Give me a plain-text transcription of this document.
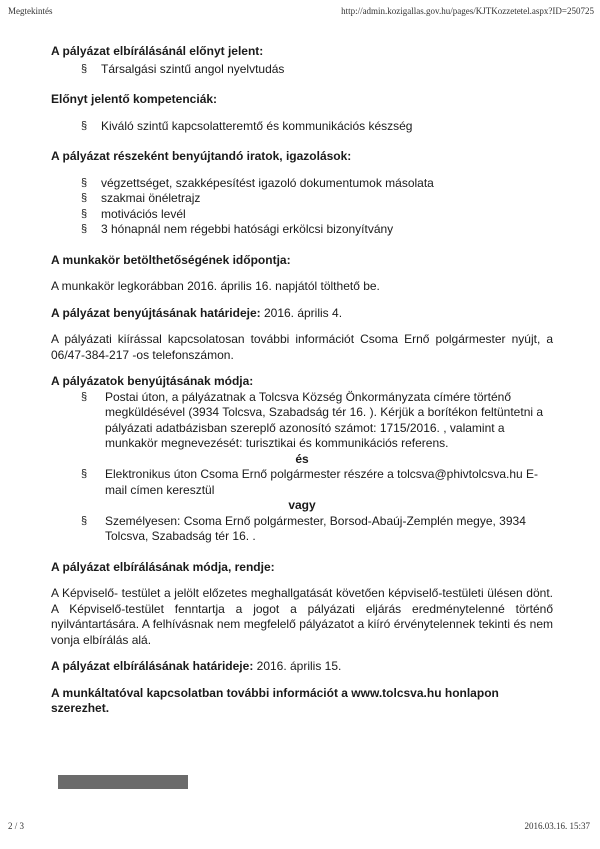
Megtekintés	http://admin.kozigallas.gov.hu/pages/KJTKozzetetel.aspx?ID=250725

A pályázat elbírálásánál előnyt jelent:

§ Társalgási szintű angol nyelvtudás

Előnyt jelentő kompetenciák:

§ Kiváló szintű kapcsolatteremtő és kommunikációs készség

A pályázat részeként benyújtandó iratok, igazolások:

§ végzettséget, szakképesítést igazoló dokumentumok másolata

§ szakmai önéletrajz

§ motivációs levél

§ 3 hónapnál nem régebbi hatósági erkölcsi bizonyítvány

A munkakör betölthetőségének időpontja:

A munkakör legkorábban 2016. április 16. napjától tölthető be.

A pályázat benyújtásának határideje: 2016. április 4.

A pályázati kiírással kapcsolatosan további információt Csoma Ernő polgármester nyújt, a 06/47-384-217 -os telefonszámon.

A pályázatok benyújtásának módja:

§ Postai úton, a pályázatnak a Tolcsva Község Önkormányzata címére történő megküldésével (3934 Tolcsva, Szabadság tér 16. ). Kérjük a borítékon feltüntetni a pályázati adatbázisban szereplő azonosító számot: 1715/2016. , valamint a munkakör megnevezését: turisztikai és kommunikációs referens.

és

§ Elektronikus úton Csoma Ernő polgármester részére a tolcsva@phivtolcsva.hu E-mail címen keresztül

vagy

§ Személyesen: Csoma Ernő polgármester, Borsod-Abaúj-Zemplén megye, 3934 Tolcsva, Szabadság tér 16. .

A pályázat elbírálásának módja, rendje:

A Képviselő- testület a jelölt előzetes meghallgatását követően képviselő-testületi ülésen dönt. A Képviselő-testület fenntartja a jogot a pályázati eljárás eredménytelenné történő nyilvántartására. A felhívásnak nem megfelelő pályázatot a kiíró érvénytelennek tekinti és nem vonja elbírálás alá.

A pályázat elbírálásának határideje: 2016. április 15.

A munkáltatóval kapcsolatban további információt a www.tolcsva.hu honlapon szerezhet.

2 / 3	2016.03.16. 15:37
